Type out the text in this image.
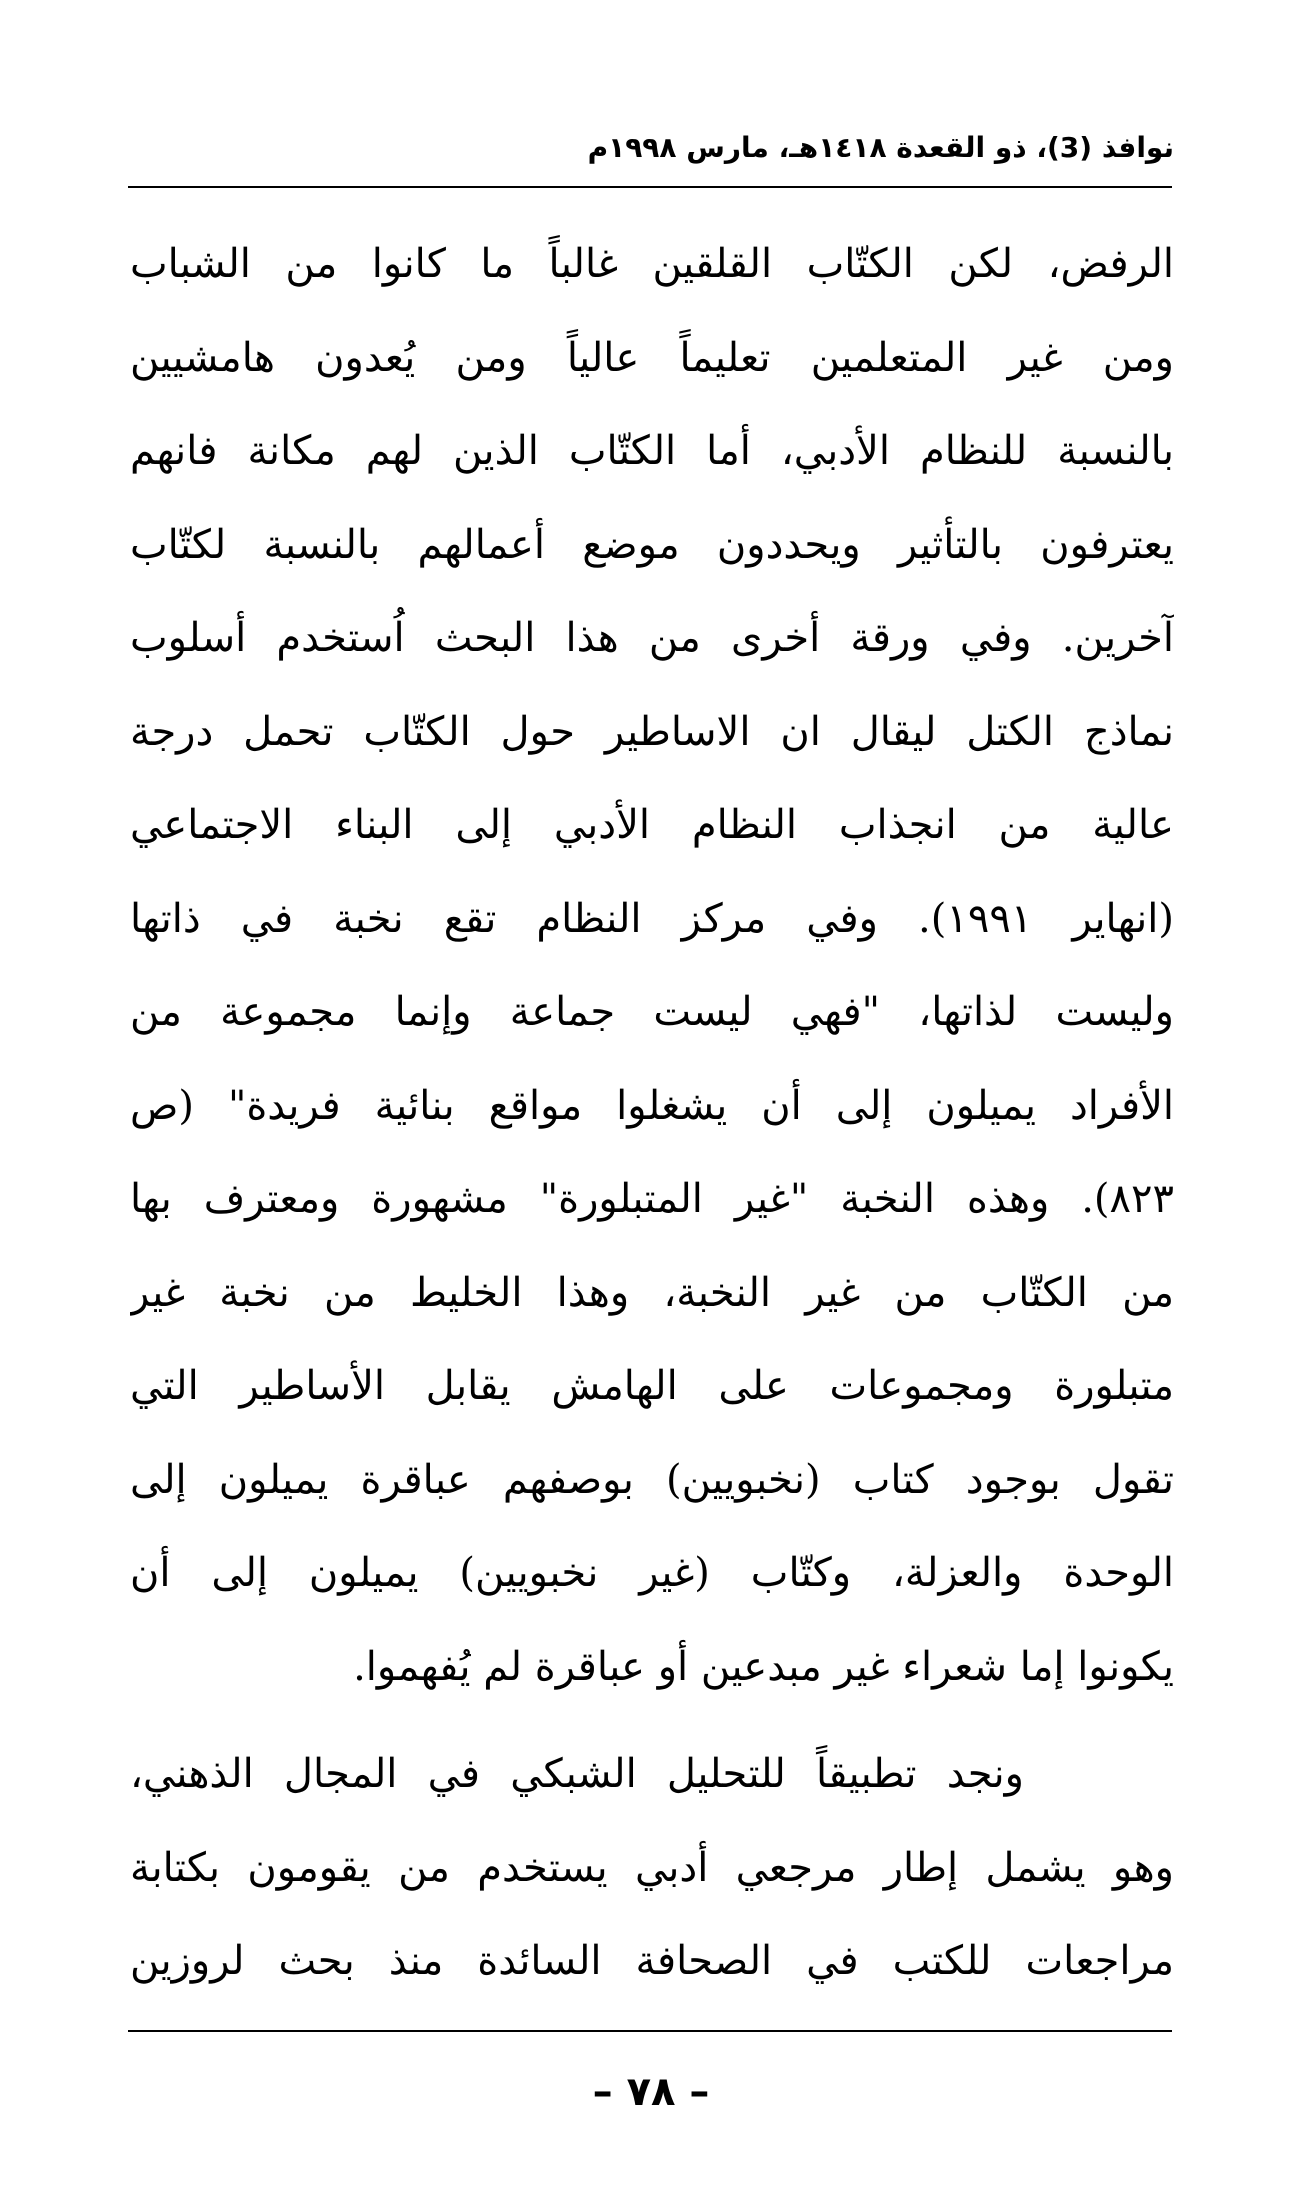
نوافذ (3)، ذو القعدة ١٤١٨هـ، مارس ١٩٩٨م
الرفض، لكن الكتّاب القلقين غالباً ما كانوا من الشباب
ومن غير المتعلمين تعليماً عالياً ومن يُعدون هامشيين
بالنسبة للنظام الأدبي، أما الكتّاب الذين لهم مكانة فانهم
يعترفون بالتأثير ويحددون موضع أعمالهم بالنسبة لكتّاب
آخرين. وفي ورقة أخرى من هذا البحث اُستخدم أسلوب
نماذج الكتل ليقال ان الاساطير حول الكتّاب تحمل درجة
عالية من انجذاب النظام الأدبي إلى البناء الاجتماعي
(انهاير ١٩٩١). وفي مركز النظام تقع نخبة في ذاتها
وليست لذاتها، "فهي ليست جماعة وإنما مجموعة من
الأفراد يميلون إلى أن يشغلوا مواقع بنائية فريدة" (ص
٨٢٣). وهذه النخبة "غير المتبلورة" مشهورة ومعترف بها
من الكتّاب من غير النخبة، وهذا الخليط من نخبة غير
متبلورة ومجموعات على الهامش يقابل الأساطير التي
تقول بوجود كتاب (نخبويين) بوصفهم عباقرة يميلون إلى
الوحدة والعزلة، وكتّاب (غير نخبويين) يميلون إلى أن
يكونوا إما شعراء غير مبدعين أو عباقرة لم يُفهموا.
ونجد تطبيقاً للتحليل الشبكي في المجال الذهني،
وهو يشمل إطار مرجعي أدبي يستخدم من يقومون بكتابة
مراجعات للكتب في الصحافة السائدة منذ بحث لروزين
– ٧٨ –
